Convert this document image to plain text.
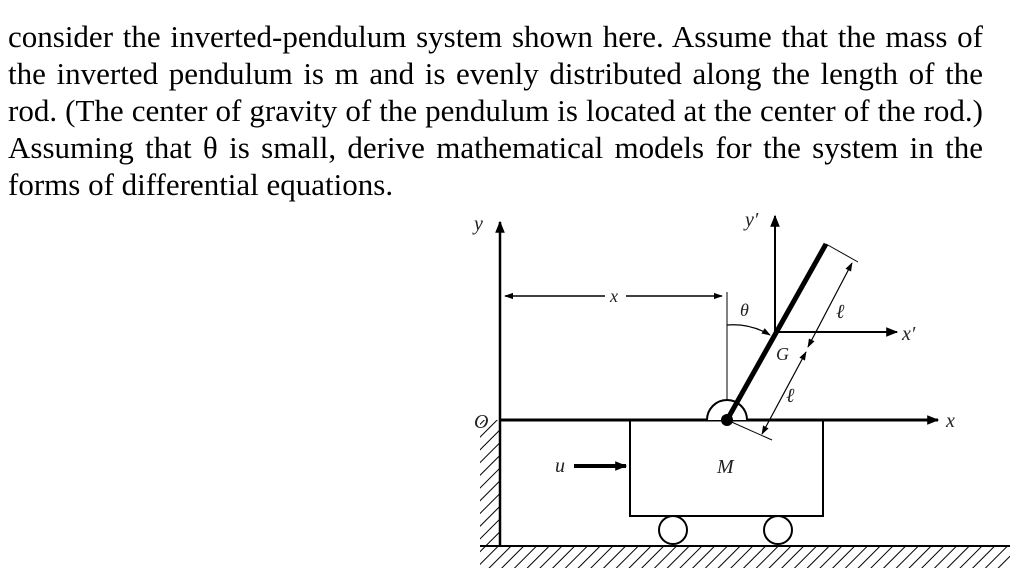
consider the inverted-pendulum system shown here. Assume that the mass of
the inverted pendulum is m and is evenly distributed along the length of the
rod. (The center of gravity of the pendulum is located at the center of the rod.)
Assuming that θ is small, derive mathematical models for the system in the
forms of differential equations.
y	y′
x
θ	ℓ
x′
G
ℓ
O	x
u	M
